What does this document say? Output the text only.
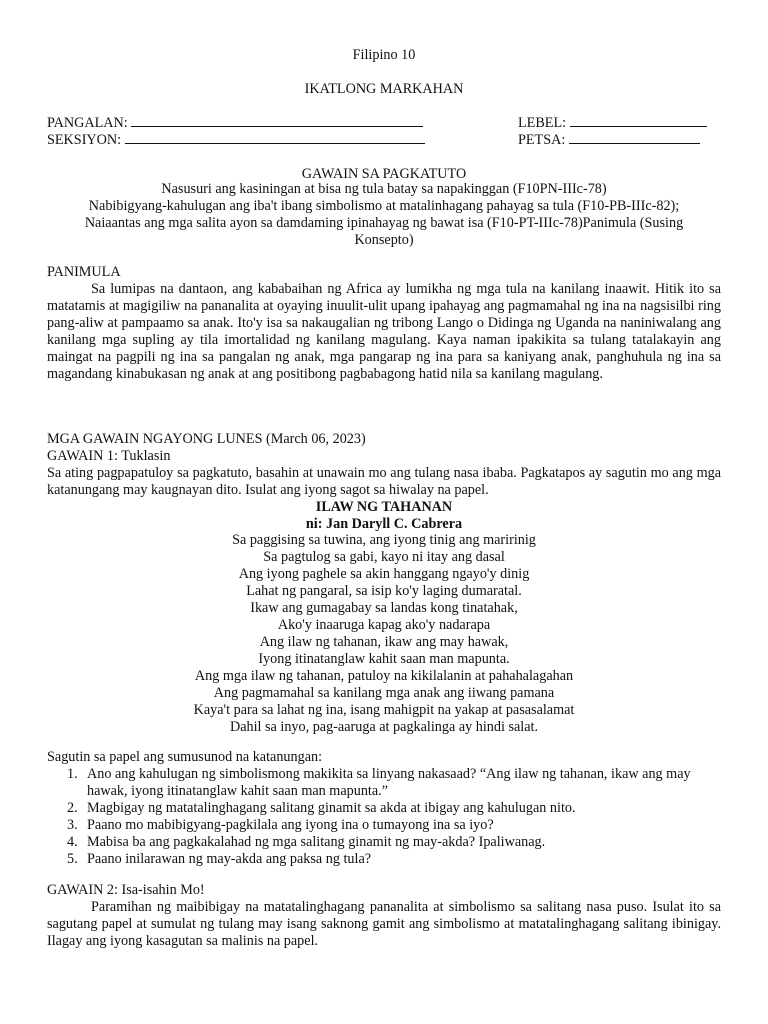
Filipino 10
IKATLONG MARKAHAN
PANGALAN:
SEKSIYON:
LEBEL:
PETSA:
GAWAIN SA PAGKATUTO
Nasusuri ang kasiningan at bisa ng tula batay sa napakinggan (F10PN-IIIc-78)
Nabibigyang-kahulugan ang iba't ibang simbolismo at matalinhagang pahayag sa tula (F10-PB-IIIc-82);
Naiaantas ang mga salita ayon sa damdaming ipinahayag ng bawat isa (F10-PT-IIIc-78)Panimula (Susing
Konsepto)
PANIMULA
Sa lumipas na dantaon, ang kababaihan ng Africa ay lumikha ng mga tula na kanilang inaawit. Hitik ito sa matatamis at magigiliw na pananalita at oyaying inuulit-ulit upang ipahayag ang pagmamahal ng ina na nagsisilbi ring pang-aliw at pampaamo sa anak. Ito'y isa sa nakaugalian ng tribong Lango o Didinga ng Uganda na naniniwalang ang kanilang mga supling ay tila imortalidad ng kanilang magulang. Kaya naman ipakikita sa tulang tatalakayin ang maingat na pagpili ng ina sa pangalan ng anak, mga pangarap ng ina para sa kaniyang anak, panghuhula ng ina sa magandang kinabukasan ng anak at ang positibong pagbabagong hatid nila sa kanilang magulang.
MGA GAWAIN NGAYONG LUNES (March 06, 2023)
GAWAIN 1: Tuklasin
Sa ating pagpapatuloy sa pagkatuto, basahin at unawain mo ang tulang nasa ibaba. Pagkatapos ay sagutin mo ang mga katanungang may kaugnayan dito. Isulat ang iyong sagot sa hiwalay na papel.
ILAW NG TAHANAN
ni: Jan Daryll C. Cabrera
Sa paggising sa tuwina, ang iyong tinig ang maririnig
Sa pagtulog sa gabi, kayo ni itay ang dasal
Ang iyong paghele sa akin hanggang ngayo'y dinig
Lahat ng pangaral, sa isip ko'y laging dumaratal.
Ikaw ang gumagabay sa landas kong tinatahak,
Ako'y inaaruga kapag ako'y nadarapa
Ang ilaw ng tahanan, ikaw ang may hawak,
Iyong itinatanglaw kahit saan man mapunta.
Ang mga ilaw ng tahanan, patuloy na kikilalanin at pahahalagahan
Ang pagmamahal sa kanilang mga anak ang iiwang pamana
Kaya't para sa lahat ng ina, isang mahigpit na yakap at pasasalamat
Dahil sa inyo, pag-aaruga at pagkalinga ay hindi salat.
Sagutin sa papel ang sumusunod na katanungan:
1. Ano ang kahulugan ng simbolismong makikita sa linyang nakasaad? “Ang ilaw ng tahanan, ikaw ang may hawak, iyong itinatanglaw kahit saan man mapunta.”
2. Magbigay ng matatalinghagang salitang ginamit sa akda at ibigay ang kahulugan nito.
3. Paano mo mabibigyang-pagkilala ang iyong ina o tumayong ina sa iyo?
4. Mabisa ba ang pagkakalahad ng mga salitang ginamit ng may-akda? Ipaliwanag.
5. Paano inilarawan ng may-akda ang paksa ng tula?
GAWAIN 2: Isa-isahin Mo!
Paramihan ng maibibigay na matatalinghagang pananalita at simbolismo sa salitang nasa puso. Isulat ito sa sagutang papel at sumulat ng tulang may isang saknong gamit ang simbolismo at matatalinghagang salitang ibinigay. Ilagay ang iyong kasagutan sa malinis na papel.
